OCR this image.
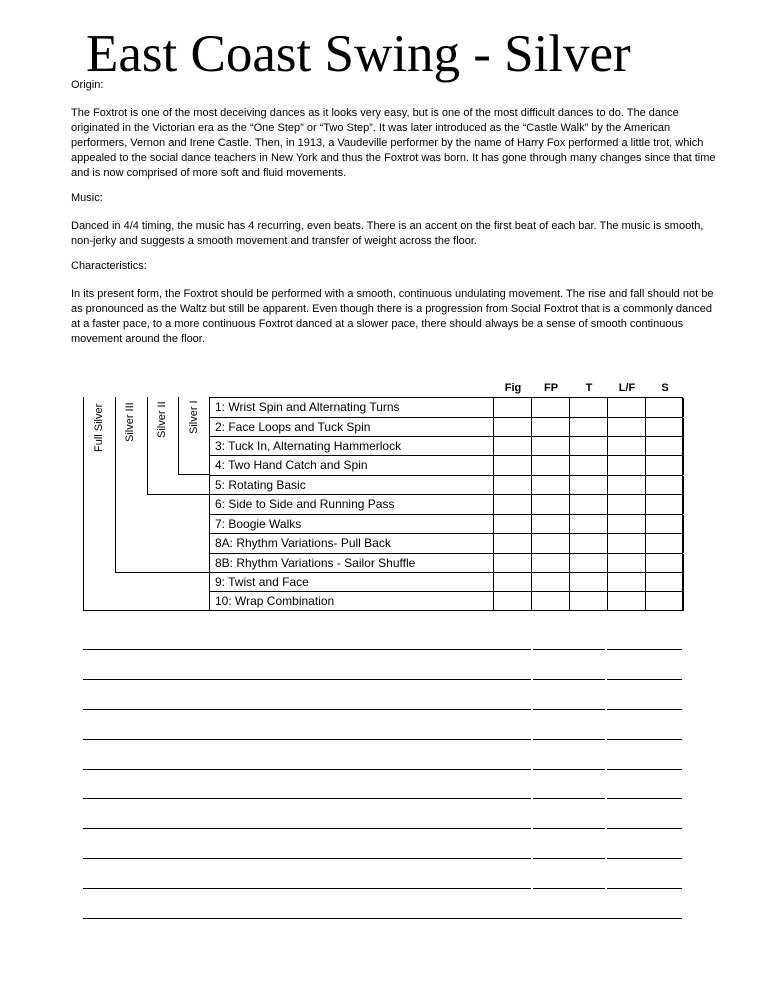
East Coast Swing - Silver
Origin:
The Foxtrot is one of the most deceiving dances as it looks very easy, but is one of the most difficult dances to do. The dance originated in the Victorian era as the “One Step” or “Two Step”. It was later introduced as the “Castle Walk” by the American performers, Vernon and Irene Castle. Then, in 1913, a Vaudeville performer by the name of Harry Fox performed a little trot, which appealed to the social dance teachers in New York and thus the Foxtrot was born. It has gone through many changes since that time and is now comprised of more soft and fluid movements.
Music:
Danced in 4/4 timing, the music has 4 recurring, even beats. There is an accent on the first beat of each bar. The music is smooth, non-jerky and suggests a smooth movement and transfer of weight across the floor.
Characteristics:
In its present form, the Foxtrot should be performed with a smooth, continuous undulating movement. The rise and fall should not be as pronounced as the Waltz but still be apparent. Even though there is a progression from Social Foxtrot that is a commonly danced at a faster pace, to a more continuous Foxtrot danced at a slower pace, there should always be a sense of smooth continuous movement around the floor.
Fig	FP	T	L/F	S
Full Silver Silver III Silver II Silver I	1: Wrist Spin and Alternating Turns
2: Face Loops and Tuck Spin
3: Tuck In, Alternating Hammerlock
4: Two Hand Catch and Spin
5: Rotating Basic
6: Side to Side and Running Pass
7: Boogie Walks
8A: Rhythm Variations- Pull Back
8B: Rhythm Variations - Sailor Shuffle
9: Twist and Face
10: Wrap Combination
